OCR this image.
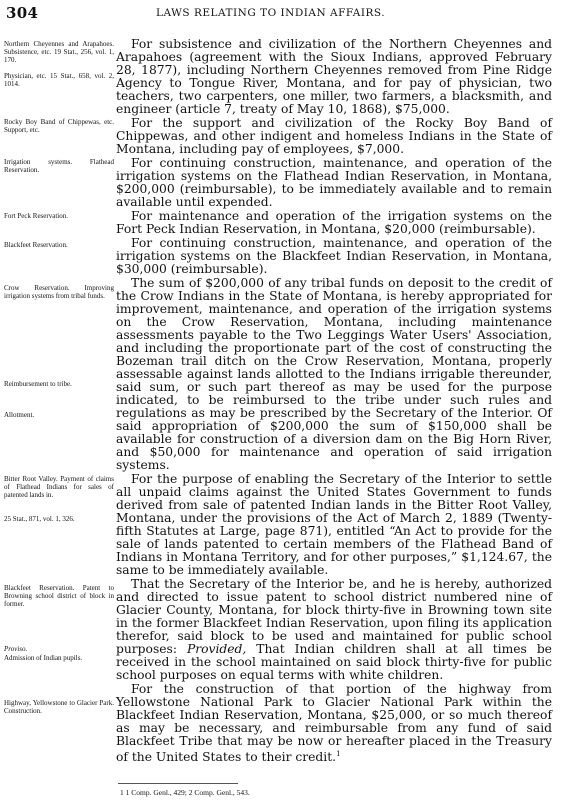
304	LAWS RELATING TO INDIAN AFFAIRS.
Northern Cheyennes and Arapahoes. Subsistence, etc. 19 Stat., 256, vol. 1, 170.
Physician, etc. 15 Stat., 658, vol. 2, 1014.
Rocky Boy Band of Chippewas, etc. Support, etc.
Irrigation systems. Flathead Reservation.
Fort Peck Reservation.
Blackfeet Reservation.
Crow Reservation. Improving irrigation systems from tribal funds.
Reimbursement to tribe.
Allotment.
Bitter Root Valley. Payment of claims of Flathead Indians for sales of patented lands in.
25 Stat., 871, vol. 1, 326.
Blackfeet Reservation. Patent to Browning school district of block in former.
Proviso.
Admission of Indian pupils.
Highway, Yellowstone to Glacier Park. Construction.

For subsistence and civilization of the Northern Cheyennes and Arapahoes (agreement with the Sioux Indians, approved February 28, 1877), including Northern Cheyennes removed from Pine Ridge Agency to Tongue River, Montana, and for pay of physician, two teachers, two carpenters, one miller, two farmers, a blacksmith, and engineer (article 7, treaty of May 10, 1868), $75,000.

For the support and civilization of the Rocky Boy Band of Chippewas, and other indigent and homeless Indians in the State of Montana, including pay of employees, $7,000.

For continuing construction, maintenance, and operation of the irrigation systems on the Flathead Indian Reservation, in Montana, $200,000 (reimbursable), to be immediately available and to remain available until expended.

For maintenance and operation of the irrigation systems on the Fort Peck Indian Reservation, in Montana, $20,000 (reimbursable).

For continuing construction, maintenance, and operation of the irrigation systems on the Blackfeet Indian Reservation, in Montana, $30,000 (reimbursable).

The sum of $200,000 of any tribal funds on deposit to the credit of the Crow Indians in the State of Montana, is hereby appropriated for improvement, maintenance, and operation of the irrigation systems on the Crow Reservation, Montana, including maintenance assessments payable to the Two Leggings Water Users' Association, and including the proportionate part of the cost of constructing the Bozeman trail ditch on the Crow Reservation, Montana, properly assessable against lands allotted to the Indians irrigable thereunder, said sum, or such part thereof as may be used for the purpose indicated, to be reimbursed to the tribe under such rules and regulations as may be prescribed by the Secretary of the Interior. Of said appropriation of $200,000 the sum of $150,000 shall be available for construction of a diversion dam on the Big Horn River, and $50,000 for maintenance and operation of said irrigation systems.

For the purpose of enabling the Secretary of the Interior to settle all unpaid claims against the United States Government to funds derived from sale of patented Indian lands in the Bitter Root Valley, Montana, under the provisions of the Act of March 2, 1889 (Twenty-fifth Statutes at Large, page 871), entitled “An Act to provide for the sale of lands patented to certain members of the Flathead Band of Indians in Montana Territory, and for other purposes,” $1,124.67, the same to be immediately available.

That the Secretary of the Interior be, and he is hereby, authorized and directed to issue patent to school district numbered nine of Glacier County, Montana, for block thirty-five in Browning town site in the former Blackfeet Indian Reservation, upon filing its application therefor, said block to be used and maintained for public school purposes: Provided, That Indian children shall at all times be received in the school maintained on said block thirty-five for public school purposes on equal terms with white children.

For the construction of that portion of the highway from Yellowstone National Park to Glacier National Park within the Blackfeet Indian Reservation, Montana, $25,000, or so much thereof as may be necessary, and reimbursable from any fund of said Blackfeet Tribe that may be now or hereafter placed in the Treasury of the United States to their credit.$^1$

1 1 Comp. Genl., 429; 2 Comp. Genl., 543.
